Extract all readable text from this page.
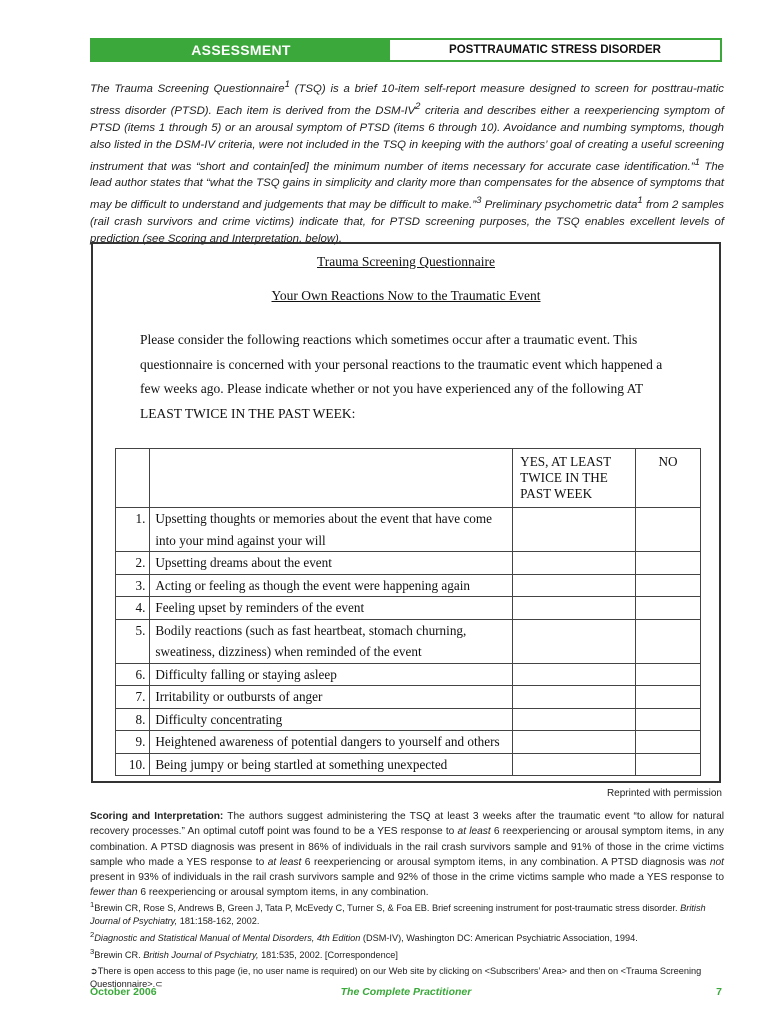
ASSESSMENT	POSTTRAUMATIC STRESS DISORDER

The Trauma Screening Questionnaire$^1$ (TSQ) is a brief 10-item self-report measure designed to screen for posttrau-matic stress disorder (PTSD). Each item is derived from the DSM-$IV^2$ criteria and describes either a reexperiencing symptom of PTSD (items 1 through 5) or an arousal symptom of PTSD (items 6 through 10). Avoidance and numbing symptoms, though also listed in the DSM-IV criteria, were not included in the TSQ in keeping with the authors’ goal of creating a useful screening instrument that was “short and contain[ed] the minimum number of items necessary for accurate case identification.”$^1$ The lead author states that “what the TSQ gains in simplicity and clarity more than compensates for the absence of symptoms that may be difficult to understand and judgements that may be difficult to make.”$^3$ Preliminary psychometric data$^1$ from 2 samples (rail crash survivors and crime victims) indicate that, for PTSD screening purposes, the TSQ enables excellent levels of prediction (see Scoring and Interpretation, below).

Trauma Screening Questionnaire
Your Own Reactions Now to the Traumatic Event

Please consider the following reactions which sometimes occur after a traumatic event. This questionnaire is concerned with your personal reactions to the traumatic event which happened a few weeks ago. Please indicate whether or not you have experienced any of the following AT LEAST TWICE IN THE PAST WEEK:

		YES, AT LEAST TWICE IN THE PAST WEEK	NO
1.	Upsetting thoughts or memories about the event that have come into your mind against your will		
2.	Upsetting dreams about the event		
3.	Acting or feeling as though the event were happening again		
4.	Feeling upset by reminders of the event		
5.	Bodily reactions (such as fast heartbeat, stomach churning, sweatiness, dizziness) when reminded of the event		
6.	Difficulty falling or staying asleep		
7.	Irritability or outbursts of anger		
8.	Difficulty concentrating		
9.	Heightened awareness of potential dangers to yourself and others		
10.	Being jumpy or being startled at something unexpected		
Reprinted with permission

Scoring and Interpretation: The authors suggest administering the TSQ at least 3 weeks after the traumatic event “to allow for natural recovery processes.” An optimal cutoff point was found to be a YES response to at least 6 reexperiencing or arousal symptom items, in any combination. A PTSD diagnosis was present in 86% of individuals in the rail crash survivors sample and 91% of those in the crime victims sample who made a YES response to at least 6 reexperiencing or arousal symptom items, in any combination. A PTSD diagnosis was not present in 93% of individuals in the rail crash survivors sample and 92% of those in the crime victims sample who made a YES response to fewer than 6 reexperiencing or arousal symptom items, in any combination.

$^1$Brewin CR, Rose S, Andrews B, Green J, Tata P, McEvedy C, Turner S, & Foa EB. Brief screening instrument for post-traumatic stress disorder. British Journal of Psychiatry, 181:158-162, 2002.

$^2$Diagnostic and Statistical Manual of Mental Disorders, 4th Edition (DSM-IV), Washington DC: American Psychiatric Association, 1994.

$^3$Brewin CR. British Journal of Psychiatry, 181:535, 2002. [Correspondence]

➲There is open access to this page (ie, no user name is required) on our Web site by clicking on <Subscribers’ Area> and then on <Trauma Screening Questionnaire>.⊂

October 2006	The Complete Practitioner	7
